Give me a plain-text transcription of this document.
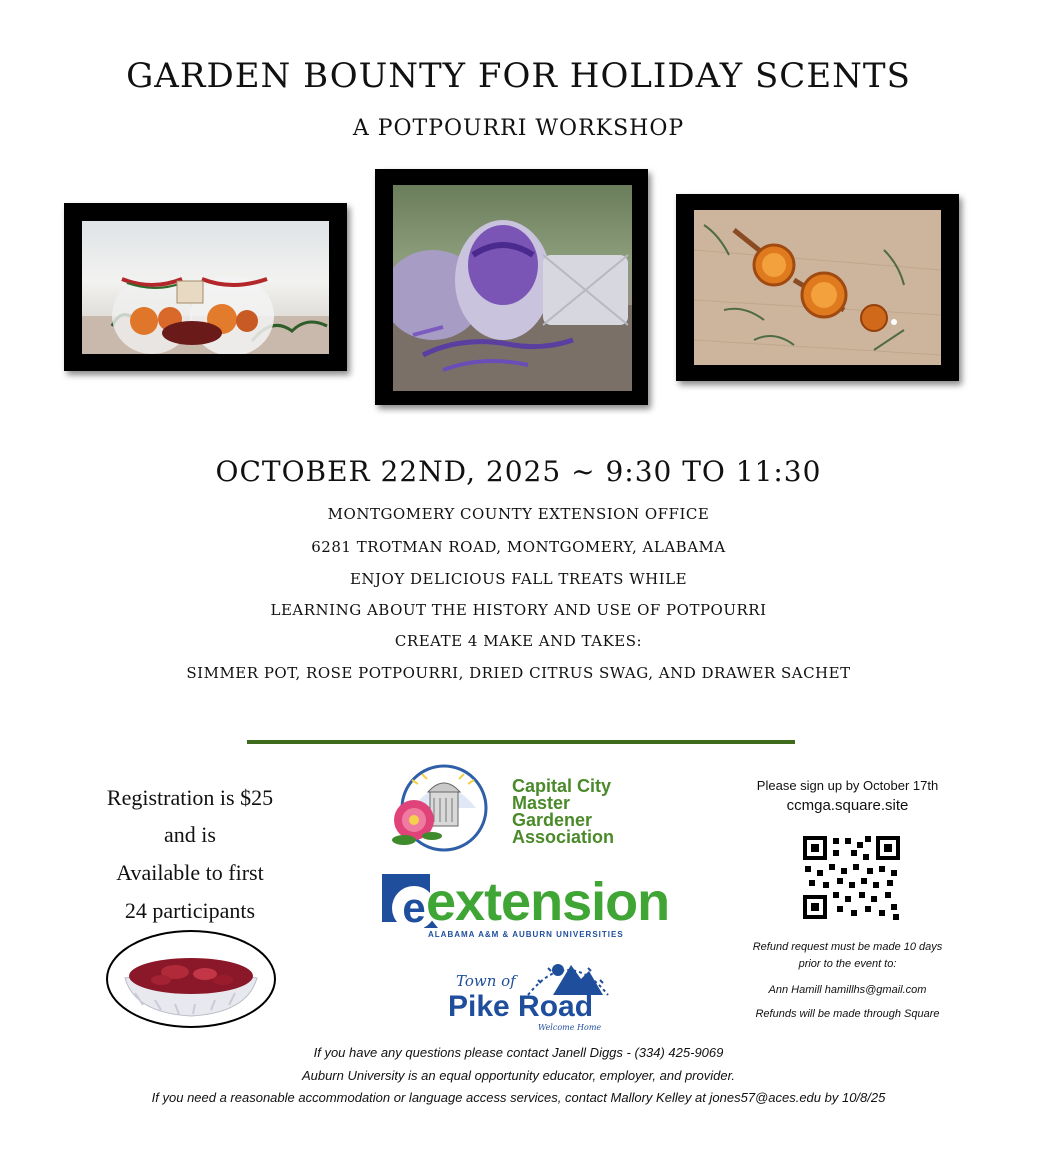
GARDEN BOUNTY FOR HOLIDAY SCENTS
A POTPOURRI WORKSHOP
OCTOBER 22ND, 2025 ~ 9:30 TO 11:30
MONTGOMERY COUNTY EXTENSION OFFICE
6281 TROTMAN ROAD, MONTGOMERY, ALABAMA
ENJOY DELICIOUS FALL TREATS WHILE
LEARNING ABOUT THE HISTORY AND USE OF POTPOURRI
CREATE 4 MAKE AND TAKES:
SIMMER POT, ROSE POTPOURRI, DRIED CITRUS SWAG, AND DRAWER SACHET
Registration is $25
and is
Available to first
24 participants
Capital City
Master
Gardener
Association
e extension
ALABAMA A&M & AUBURN UNIVERSITIES
Town of
Pike Road
Welcome Home
Please sign up by October 17th
ccmga.square.site
Refund request must be made 10 days
prior to the event to:
Ann Hamill hamillhs@gmail.com
Refunds will be made through Square
If you have any questions please contact Janell Diggs - (334) 425-9069
Auburn University is an equal opportunity educator, employer, and provider.
If you need a reasonable accommodation or language access services, contact Mallory Kelley at jones57@aces.edu by 10/8/25
